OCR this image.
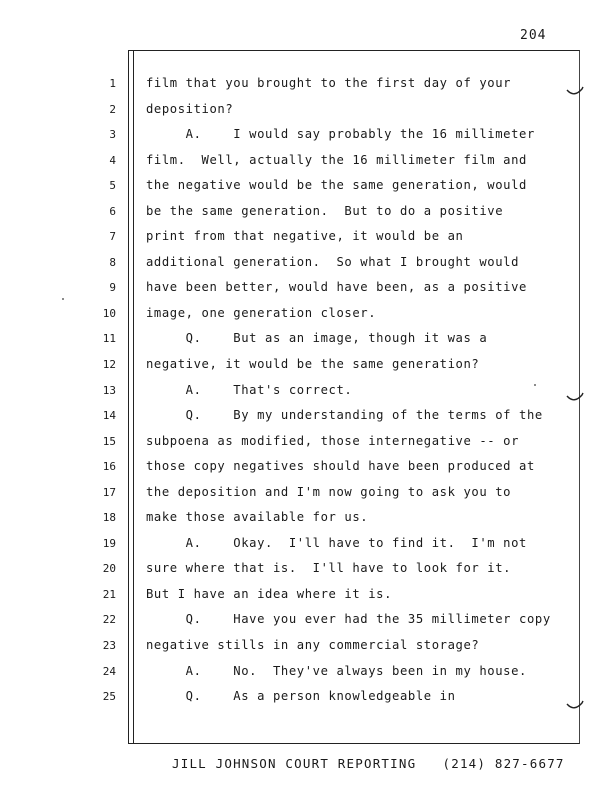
204
1
2
3
4
5
6
7
8
9
10
11
12
13
14
15
16
17
18
19
20
21
22
23
24
25
film that you brought to the first day of your
deposition?
A.    I would say probably the 16 millimeter
film.  Well, actually the 16 millimeter film and
the negative would be the same generation, would
be the same generation.  But to do a positive
print from that negative, it would be an
additional generation.  So what I brought would
have been better, would have been, as a positive
image, one generation closer.
Q.    But as an image, though it was a
negative, it would be the same generation?
A.    That's correct.
Q.    By my understanding of the terms of the
subpoena as modified, those internegative -- or
those copy negatives should have been produced at
the deposition and I'm now going to ask you to
make those available for us.
A.    Okay.  I'll have to find it.  I'm not
sure where that is.  I'll have to look for it.
But I have an idea where it is.
Q.    Have you ever had the 35 millimeter copy
negative stills in any commercial storage?
A.    No.  They've always been in my house.
Q.    As a person knowledgeable in
JILL JOHNSON COURT REPORTING   (214) 827-6677
